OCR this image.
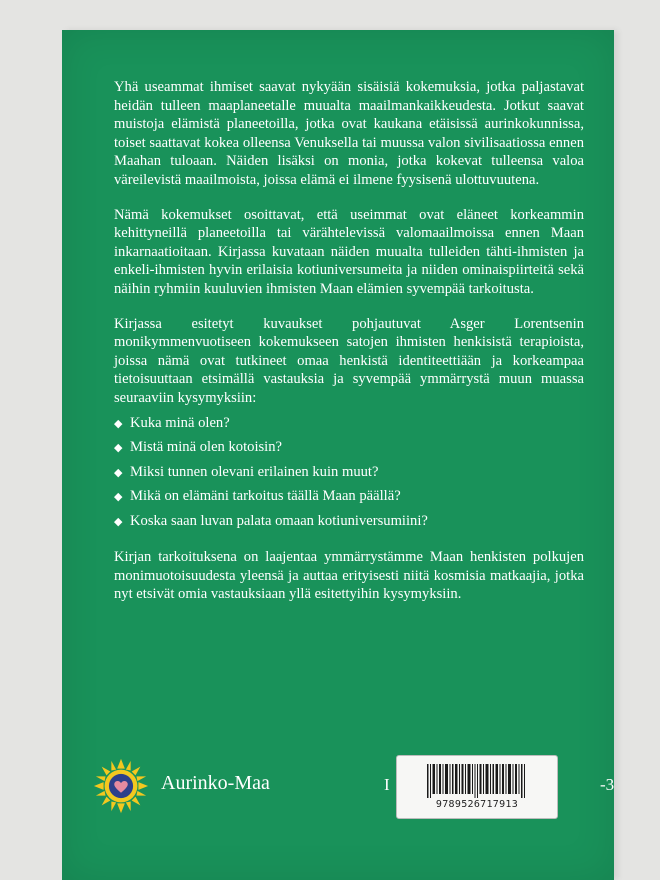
Yhä useammat ihmiset saavat nykyään sisäisiä kokemuksia, jotka paljastavat heidän tulleen maaplaneetalle muualta maailmankaikkeudesta. Jotkut saavat muistoja elämistä planeetoilla, jotka ovat kaukana etäisissä aurinkokunnissa, toiset saattavat kokea olleensa Venuksella tai muussa valon sivilisaatiossa ennen Maahan tuloaan. Näiden lisäksi on monia, jotka kokevat tulleensa valoa väreilevistä maailmoista, joissa elämä ei ilmene fyysisenä ulottuvuutena.

Nämä kokemukset osoittavat, että useimmat ovat eläneet korkeammin kehittyneillä planeetoilla tai värähtelevissä valomaailmoissa ennen Maan inkarnaatioitaan. Kirjassa kuvataan näiden muualta tulleiden tähti-ihmisten ja enkeli-ihmisten hyvin erilaisia kotiuniversumeita ja niiden ominaispiirteitä sekä näihin ryhmiin kuuluvien ihmisten Maan elämien syvempää tarkoitusta.

Kirjassa esitetyt kuvaukset pohjautuvat Asger Lorentsenin monikymmenvuotiseen kokemukseen satojen ihmisten henkisistä terapioista, joissa nämä ovat tutkineet omaa henkistä identiteettiään ja korkeampaa tietoisuuttaan etsimällä vastauksia ja syvempää ymmärrystä muun muassa seuraaviin kysymyksiin:

◆ Kuka minä olen?
◆ Mistä minä olen kotoisin?
◆ Miksi tunnen olevani erilainen kuin muut?
◆ Mikä on elämäni tarkoitus täällä Maan päällä?
◆ Koska saan luvan palata omaan kotiuniversumiini?

Kirjan tarkoituksena on laajentaa ymmärrystämme Maan henkisten polkujen monimuotoisuudesta yleensä ja auttaa erityisesti niitä kosmisia matkaajia, jotka nyt etsivät omia vastauksiaan yllä esitettyihin kysymyksiin.

Aurinko-Maa	I	-3
9789526717913
